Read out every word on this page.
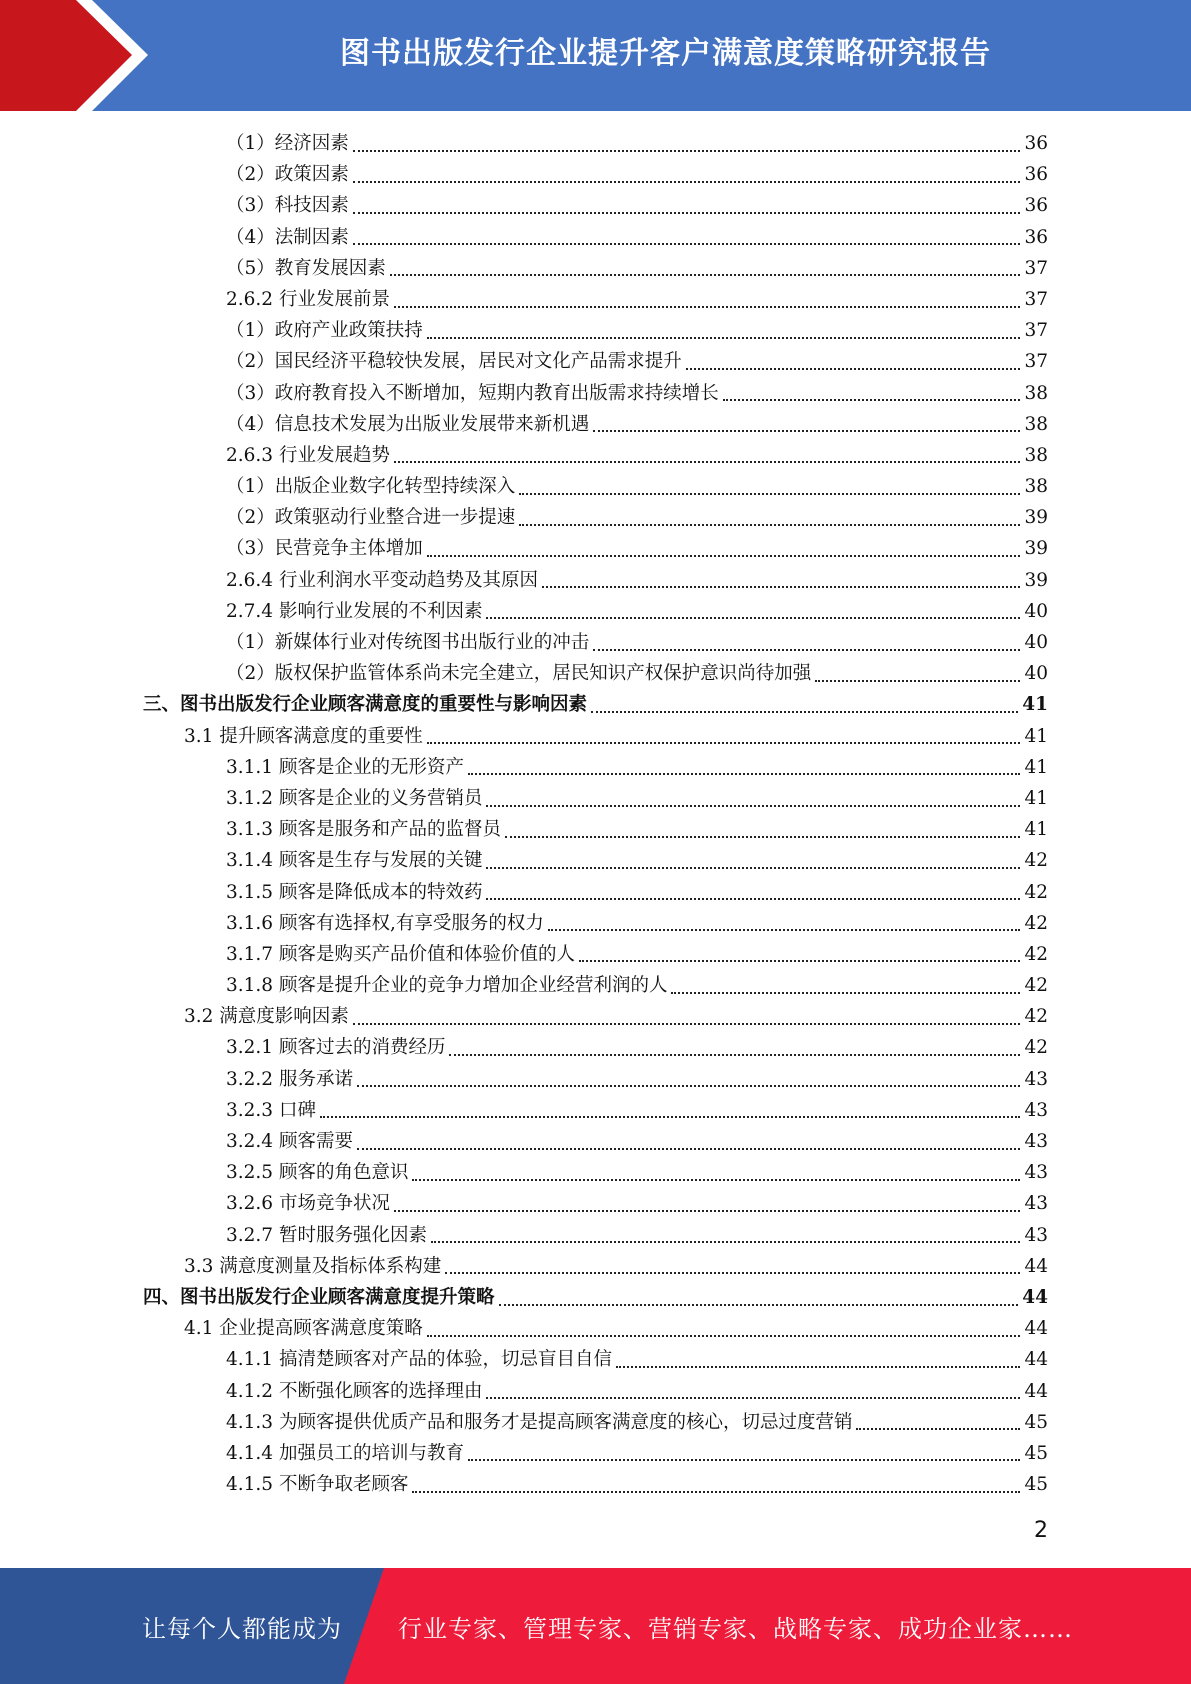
图书出版发行企业提升客户满意度策略研究报告
（1）经济因素	36
（2）政策因素	36
（3）科技因素	36
（4）法制因素	36
（5）教育发展因素	37
2.6.2 行业发展前景	37
（1）政府产业政策扶持	37
（2）国民经济平稳较快发展，居民对文化产品需求提升	37
（3）政府教育投入不断增加，短期内教育出版需求持续增长	38
（4）信息技术发展为出版业发展带来新机遇	38
2.6.3 行业发展趋势	38
（1）出版企业数字化转型持续深入	38
（2）政策驱动行业整合进一步提速	39
（3）民营竞争主体增加	39
2.6.4 行业利润水平变动趋势及其原因	39
2.7.4 影响行业发展的不利因素	40
（1）新媒体行业对传统图书出版行业的冲击	40
（2）版权保护监管体系尚未完全建立，居民知识产权保护意识尚待加强	40
三、图书出版发行企业顾客满意度的重要性与影响因素	41
3.1 提升顾客满意度的重要性	41
3.1.1 顾客是企业的无形资产	41
3.1.2 顾客是企业的义务营销员	41
3.1.3 顾客是服务和产品的监督员	41
3.1.4 顾客是生存与发展的关键	42
3.1.5 顾客是降低成本的特效药	42
3.1.6 顾客有选择权,有享受服务的权力	42
3.1.7 顾客是购买产品价值和体验价值的人	42
3.1.8 顾客是提升企业的竞争力增加企业经营利润的人	42
3.2 满意度影响因素	42
3.2.1 顾客过去的消费经历	42
3.2.2 服务承诺	43
3.2.3 口碑	43
3.2.4 顾客需要	43
3.2.5 顾客的角色意识	43
3.2.6 市场竞争状况	43
3.2.7 暂时服务强化因素	43
3.3 满意度测量及指标体系构建	44
四、图书出版发行企业顾客满意度提升策略	44
4.1 企业提高顾客满意度策略	44
4.1.1 搞清楚顾客对产品的体验，切忌盲目自信	44
4.1.2 不断强化顾客的选择理由	44
4.1.3 为顾客提供优质产品和服务才是提高顾客满意度的核心，切忌过度营销	45
4.1.4 加强员工的培训与教育	45
4.1.5 不断争取老顾客	45
2
让每个人都能成为 行业专家、管理专家、营销专家、战略专家、成功企业家……
